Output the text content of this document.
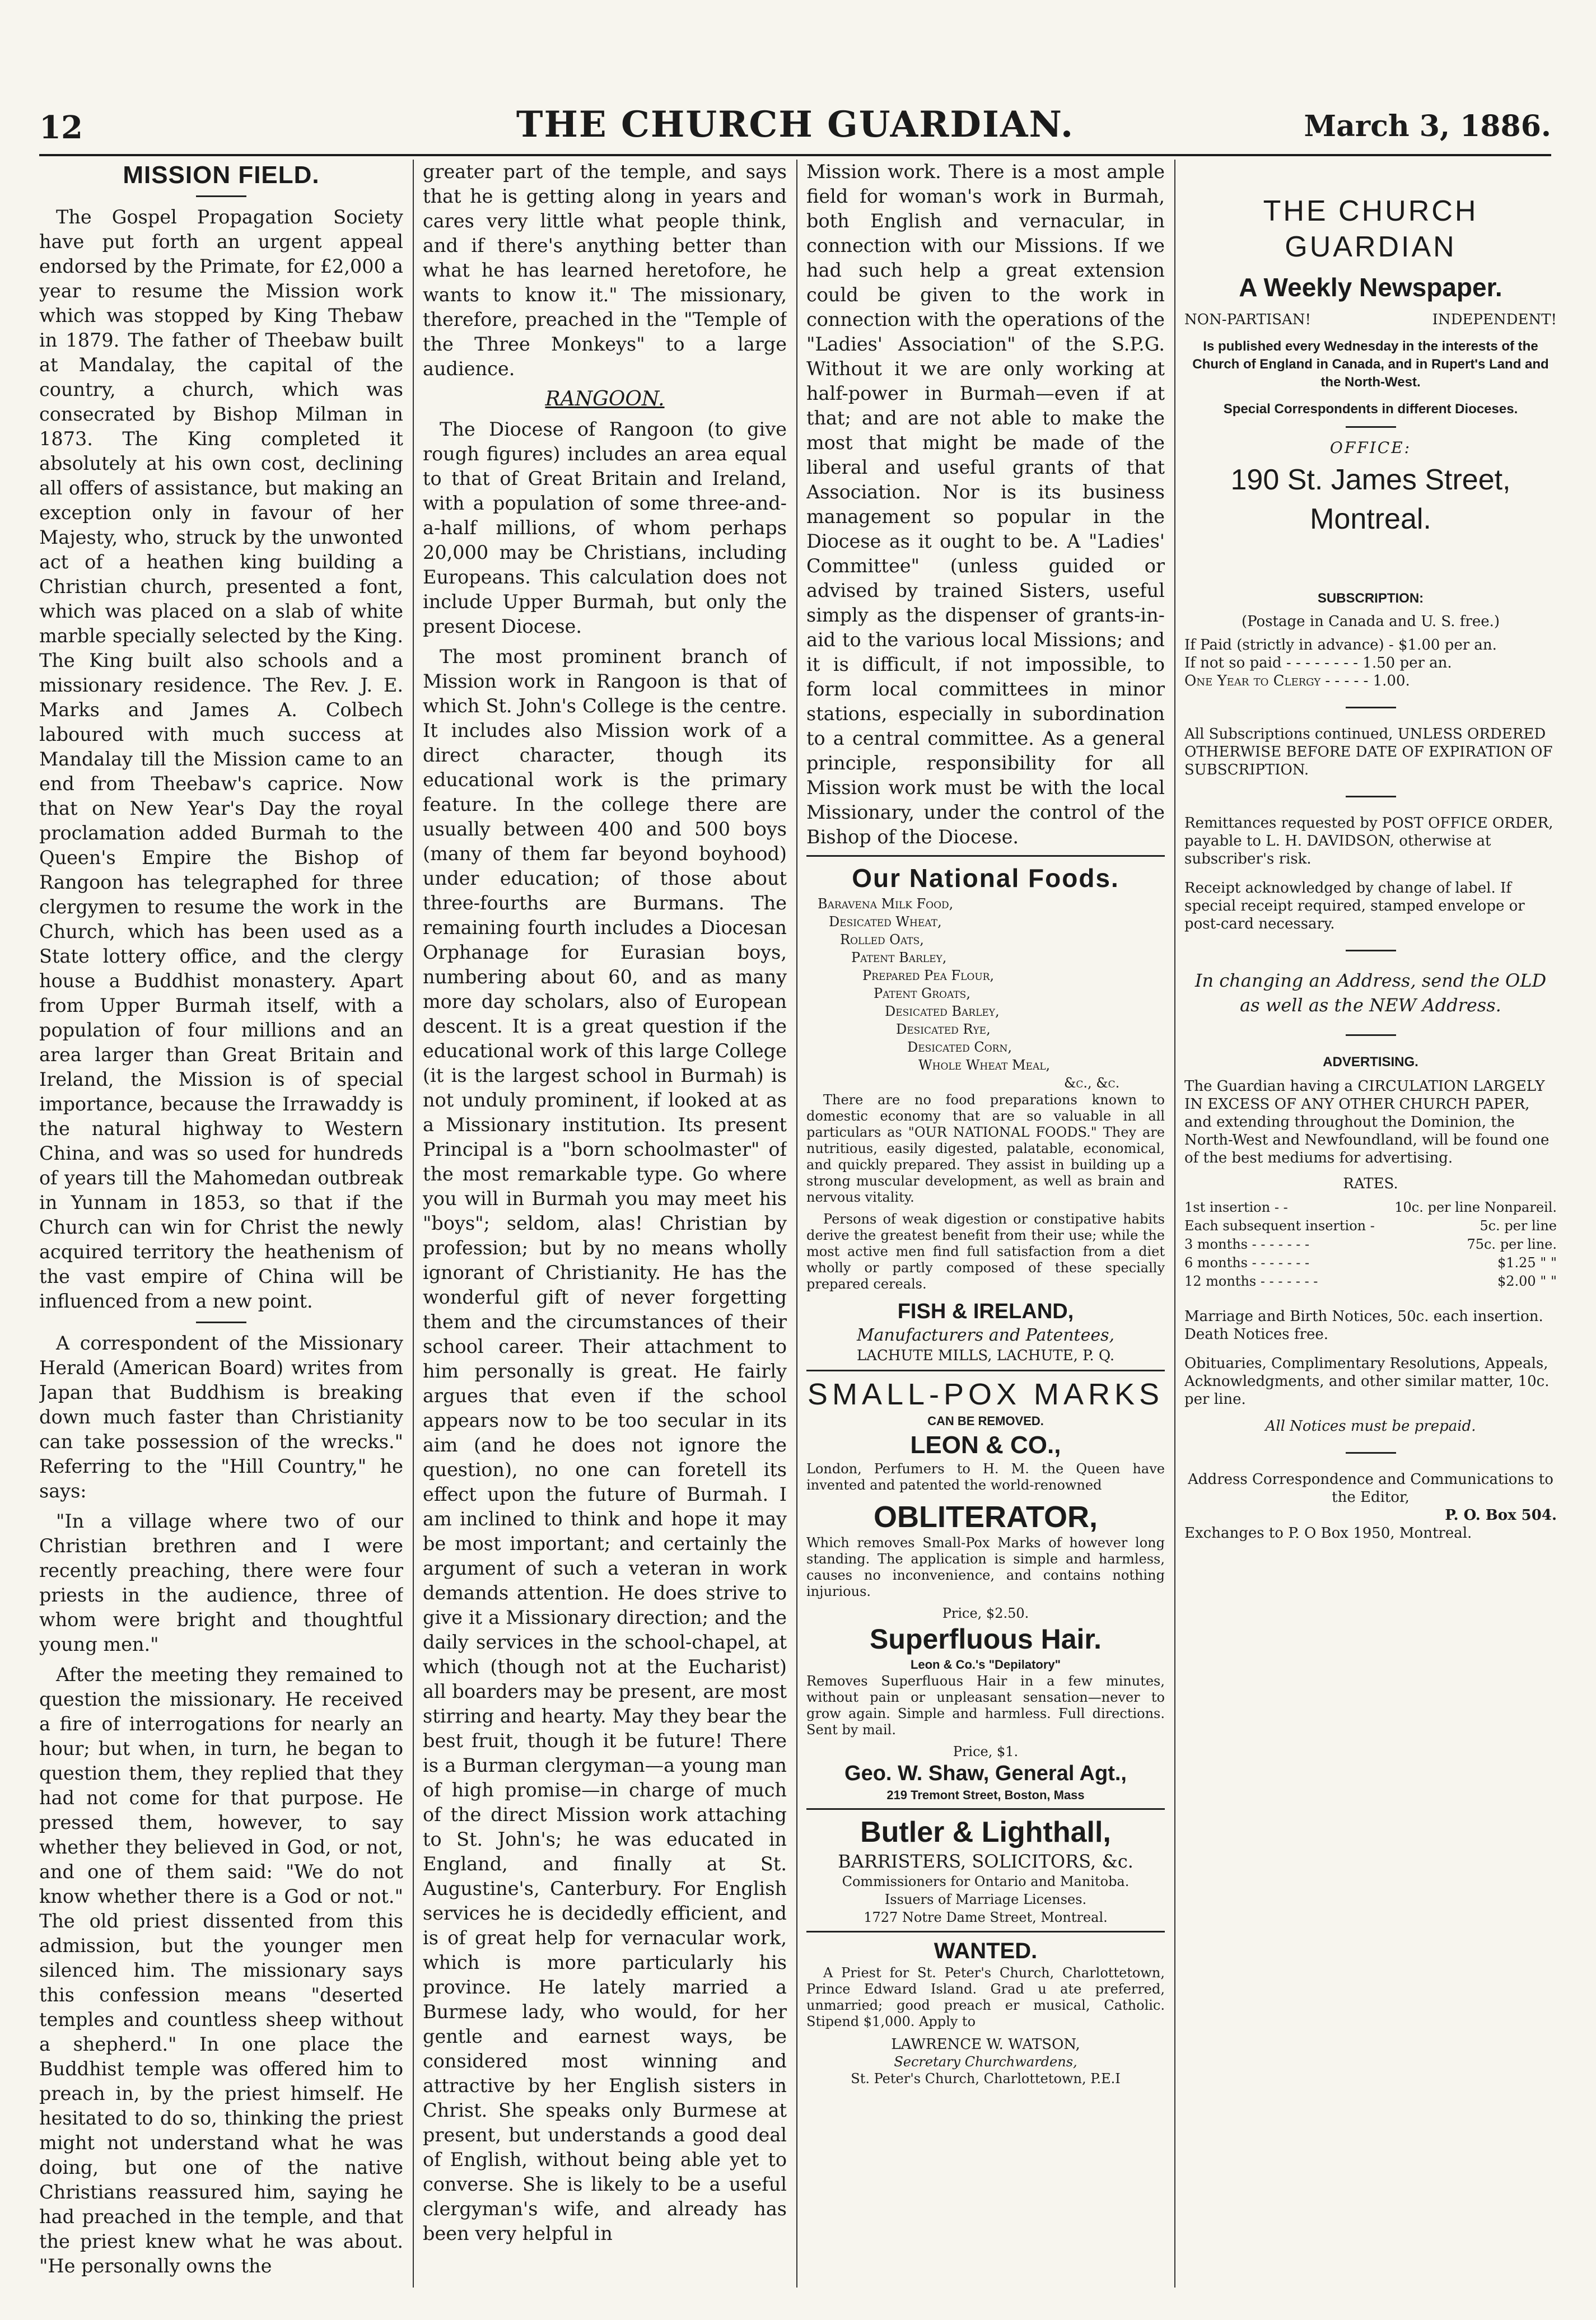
12	THE CHURCH GUARDIAN.	March 3, 1886.
MISSION FIELD.

The Gospel Propagation Society have put forth an urgent appeal endorsed by the Primate, for £2,000 a year to resume the Mission work which was stopped by King Thebaw in 1879. The father of Theebaw built at Mandalay, the capital of the country, a church, which was consecrated by Bishop Milman in 1873. The King completed it absolutely at his own cost, declining all offers of assistance, but making an exception only in favour of her Majesty, who, struck by the unwonted act of a heathen king building a Christian church, presented a font, which was placed on a slab of white marble specially selected by the King. The King built also schools and a missionary residence. The Rev. J. E. Marks and James A. Colbech laboured with much success at Mandalay till the Mission came to an end from Theebaw's caprice. Now that on New Year's Day the royal proclamation added Burmah to the Queen's Empire the Bishop of Rangoon has telegraphed for three clergymen to resume the work in the Church, which has been used as a State lottery office, and the clergy house a Buddhist monastery. Apart from Upper Burmah itself, with a population of four millions and an area larger than Great Britain and Ireland, the Mission is of special importance, because the Irrawaddy is the natural highway to Western China, and was so used for hundreds of years till the Mahomedan outbreak in Yunnam in 1853, so that if the Church can win for Christ the newly acquired territory the heathenism of the vast empire of China will be influenced from a new point.

A correspondent of the Missionary Herald (American Board) writes from Japan that Buddhism is breaking down much faster than Christianity can take possession of the wrecks." Referring to the "Hill Country," he says:

"In a village where two of our Christian brethren and I were recently preaching, there were four priests in the audience, three of whom were bright and thoughtful young men."

After the meeting they remained to question the missionary. He received a fire of interrogations for nearly an hour; but when, in turn, he began to question them, they replied that they had not come for that purpose. He pressed them, however, to say whether they believed in God, or not, and one of them said: "We do not know whether there is a God or not." The old priest dissented from this admission, but the younger men silenced him. The missionary says this confession means "deserted temples and countless sheep without a shepherd." In one place the Buddhist temple was offered him to preach in, by the priest himself. He hesitated to do so, thinking the priest might not understand what he was doing, but one of the native Christians reassured him, saying he had preached in the temple, and that the priest knew what he was about. "He personally owns the

greater part of the temple, and says that he is getting along in years and cares very little what people think, and if there's anything better than what he has learned heretofore, he wants to know it." The missionary, therefore, preached in the "Temple of the Three Monkeys" to a large audience.

RANGOON.

The Diocese of Rangoon (to give rough figures) includes an area equal to that of Great Britain and Ireland, with a population of some three-and-a-half millions, of whom perhaps 20,000 may be Christians, including Europeans. This calculation does not include Upper Burmah, but only the present Diocese.

The most prominent branch of Mission work in Rangoon is that of which St. John's College is the centre. It includes also Mission work of a direct character, though its educational work is the primary feature. In the college there are usually between 400 and 500 boys (many of them far beyond boyhood) under education; of those about three-fourths are Burmans. The remaining fourth includes a Diocesan Orphanage for Eurasian boys, numbering about 60, and as many more day scholars, also of European descent. It is a great question if the educational work of this large College (it is the largest school in Burmah) is not unduly prominent, if looked at as a Missionary institution. Its present Principal is a "born schoolmaster" of the most remarkable type. Go where you will in Burmah you may meet his "boys"; seldom, alas! Christian by profession; but by no means wholly ignorant of Christianity. He has the wonderful gift of never forgetting them and the circumstances of their school career. Their attachment to him personally is great. He fairly argues that even if the school appears now to be too secular in its aim (and he does not ignore the question), no one can foretell its effect upon the future of Burmah. I am inclined to think and hope it may be most important; and certainly the argument of such a veteran in work demands attention. He does strive to give it a Missionary direction; and the daily services in the school-chapel, at which (though not at the Eucharist) all boarders may be present, are most stirring and hearty. May they bear the best fruit, though it be future! There is a Burman clergyman—a young man of high promise—in charge of much of the direct Mission work attaching to St. John's; he was educated in England, and finally at St. Augustine's, Canterbury. For English services he is decidedly efficient, and is of great help for vernacular work, which is more particularly his province. He lately married a Burmese lady, who would, for her gentle and earnest ways, be considered most winning and attractive by her English sisters in Christ. She speaks only Burmese at present, but understands a good deal of English, without being able yet to converse. She is likely to be a useful clergyman's wife, and already has been very helpful in

Mission work. There is a most ample field for woman's work in Burmah, both English and vernacular, in connection with our Missions. If we had such help a great extension could be given to the work in connection with the operations of the "Ladies' Association" of the S.P.G. Without it we are only working at half-power in Burmah—even if at that; and are not able to make the most that might be made of the liberal and useful grants of that Association. Nor is its business management so popular in the Diocese as it ought to be. A "Ladies' Committee" (unless guided or advised by trained Sisters, useful simply as the dispenser of grants-in-aid to the various local Missions; and it is difficult, if not impossible, to form local committees in minor stations, especially in subordination to a central committee. As a general principle, responsibility for all Mission work must be with the local Missionary, under the control of the Bishop of the Diocese.

Our National Foods.
Baravena Milk Food,
Desicated Wheat,
Rolled Oats,
Patent Barley,
Prepared Pea Flour,
Patent Groats,
Desicated Barley,
Desicated Rye,
Desicated Corn,
Whole Wheat Meal,
&c., &c.

There are no food preparations known to domestic economy that are so valuable in all particulars as "OUR NATIONAL FOODS." They are nutritious, easily digested, palatable, economical, and quickly prepared. They assist in building up a strong muscular development, as well as brain and nervous vitality.

Persons of weak digestion or constipative habits derive the greatest benefit from their use; while the most active men find full satisfaction from a diet wholly or partly composed of these specially prepared cereals.

FISH & IRELAND,
Manufacturers and Patentees,
LACHUTE MILLS, LACHUTE, P. Q.
SMALL-POX MARKS
CAN BE REMOVED.
LEON & CO.,

London, Perfumers to H. M. the Queen have invented and patented the world-renowned

OBLITERATOR,

Which removes Small-Pox Marks of however long standing. The application is simple and harmless, causes no inconvenience, and contains nothing injurious.

Price, $2.50.
Superfluous Hair.
Leon & Co.'s "Depilatory"

Removes Superfluous Hair in a few minutes, without pain or unpleasant sensation—never to grow again. Simple and harmless. Full directions. Sent by mail.

Price, $1.
Geo. W. Shaw, General Agt.,
219 Tremont Street, Boston, Mass
Butler & Lighthall,
BARRISTERS, SOLICITORS, &c.
Commissioners for Ontario and Manitoba.
Issuers of Marriage Licenses.
1727 Notre Dame Street, Montreal.
WANTED.

A Priest for St. Peter's Church, Charlottetown, Prince Edward Island. Grad u ate preferred, unmarried; good preach er musical, Catholic. Stipend $1,000. Apply to

LAWRENCE W. WATSON,
Secretary Churchwardens,
St. Peter's Church, Charlottetown, P.E.I
THE CHURCH GUARDIAN
A Weekly Newspaper.
NON-PARTISAN!	INDEPENDENT!
Is published every Wednesday in the interests of the Church of England in Canada, and in Rupert's Land and the North-West.
Special Correspondents in different Dioceses.
OFFICE:
190 St. James Street, Montreal.
SUBSCRIPTION:
(Postage in Canada and U. S. free.)
If Paid (strictly in advance) - $1.00 per an.
If not so paid - - - - - - - - 1.50 per an.
One Year to Clergy - - - - - 1.00.
All Subscriptions continued, UNLESS ORDERED OTHERWISE BEFORE DATE OF EXPIRATION OF SUBSCRIPTION.
Remittances requested by POST OFFICE ORDER, payable to L. H. DAVIDSON, otherwise at subscriber's risk.
Receipt acknowledged by change of label. If special receipt required, stamped envelope or post-card necessary.
In changing an Address, send the OLD as well as the NEW Address.
ADVERTISING.
The Guardian having a CIRCULATION LARGELY IN EXCESS OF ANY OTHER CHURCH PAPER, and extending throughout the Dominion, the North-West and Newfoundland, will be found one of the best mediums for advertising.
RATES.
1st insertion - -	10c. per line Nonpareil.
Each subsequent insertion -	5c. per line
3 months - - - - - - -	75c. per line.
6 months - - - - - - -	$1.25 " "
12 months - - - - - - -	$2.00 " "
Marriage and Birth Notices, 50c. each insertion. Death Notices free.
Obituaries, Complimentary Resolutions, Appeals, Acknowledgments, and other similar matter, 10c. per line.
All Notices must be prepaid.
Address Correspondence and Communications to the Editor,
P. O. Box 504.
Exchanges to P. O Box 1950, Montreal.
